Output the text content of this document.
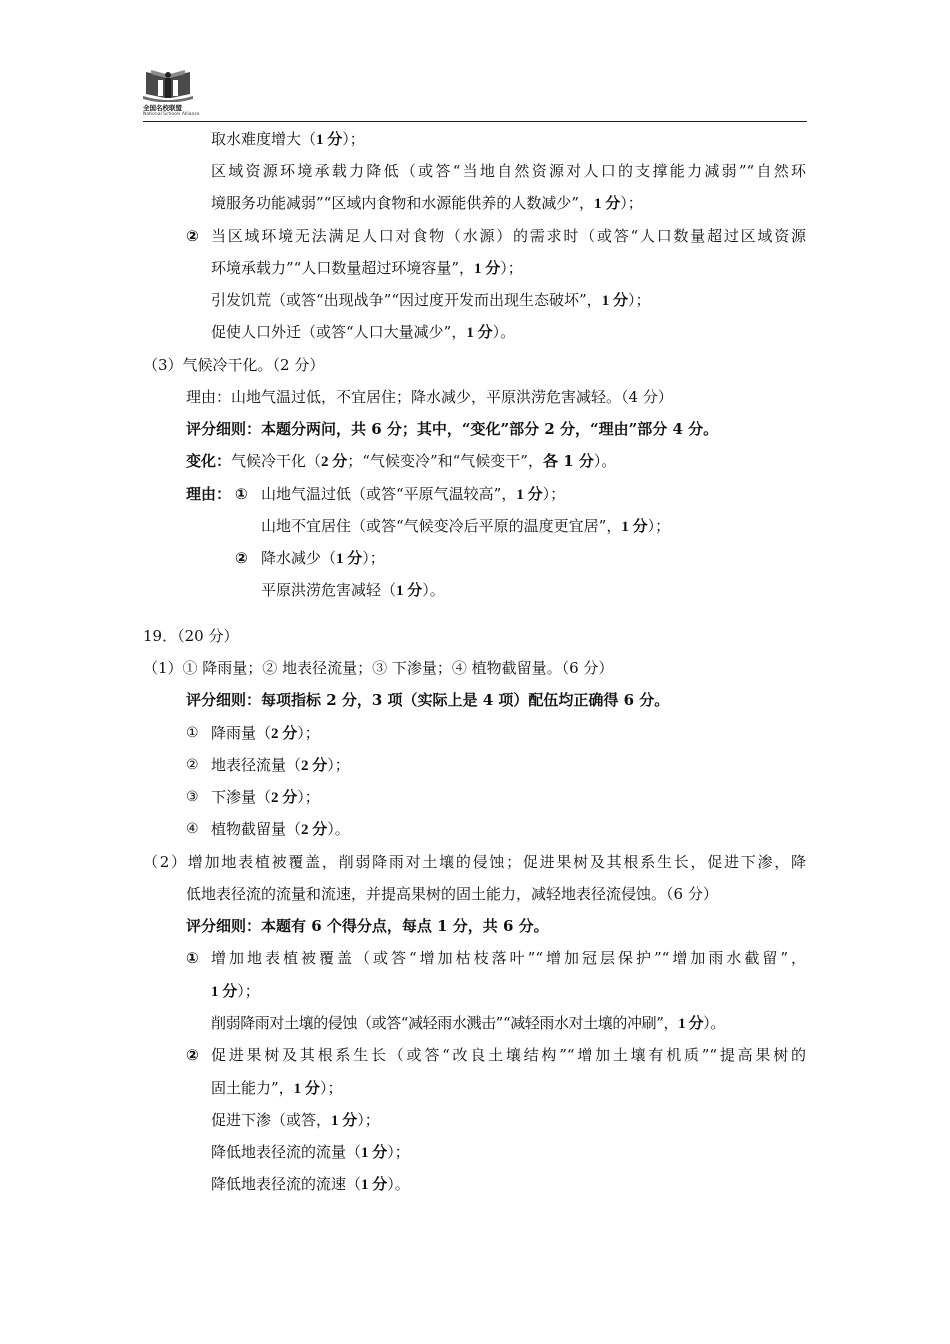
全国名校联盟
National Schools Alliance
取水难度增大（1 分）；
区域资源环境承载力降低（或答“当地自然资源对人口的支撑能力减弱”“自然环
境服务功能减弱”“区域内食物和水源能供养的人数减少”，1 分）；
② 当区域环境无法满足人口对食物（水源）的需求时（或答“人口数量超过区域资源
环境承载力”“人口数量超过环境容量”，1 分）；
引发饥荒（或答“出现战争”“因过度开发而出现生态破坏”，1 分）；
促使人口外迁（或答“人口大量减少”，1 分）。
（3）气候冷干化。（2 分）
理由：山地气温过低，不宜居住；降水减少，平原洪涝危害减轻。（4 分）
评分细则：本题分两问，共 6 分；其中，“变化”部分 2 分，“理由”部分 4 分。
变化：气候冷干化（2 分；“气候变冷”和“气候变干”，各 1 分）。
理由： ① 山地气温过低（或答“平原气温较高”，1 分）；
山地不宜居住（或答“气候变冷后平原的温度更宜居”，1 分）；
② 降水减少（1 分）；
平原洪涝危害减轻（1 分）。
19．（20 分）
（1）① 降雨量；② 地表径流量；③ 下渗量；④ 植物截留量。（6 分）
评分细则：每项指标 2 分，3 项（实际上是 4 项）配伍均正确得 6 分。
① 降雨量（2 分）；
② 地表径流量（2 分）；
③ 下渗量（2 分）；
④ 植物截留量（2 分）。
（2）增加地表植被覆盖，削弱降雨对土壤的侵蚀；促进果树及其根系生长，促进下渗，降
低地表径流的流量和流速，并提高果树的固土能力，减轻地表径流侵蚀。（6 分）
评分细则：本题有 6 个得分点，每点 1 分，共 6 分。
① 增加地表植被覆盖（或答“增加枯枝落叶”“增加冠层保护”“增加雨水截留”，
1 分）；
削弱降雨对土壤的侵蚀（或答“减轻雨水溅击”“减轻雨水对土壤的冲刷”，1 分）。
② 促进果树及其根系生长（或答“改良土壤结构”“增加土壤有机质”“提高果树的
固土能力”，1 分）；
促进下渗（或答，1 分）；
降低地表径流的流量（1 分）；
降低地表径流的流速（1 分）。
